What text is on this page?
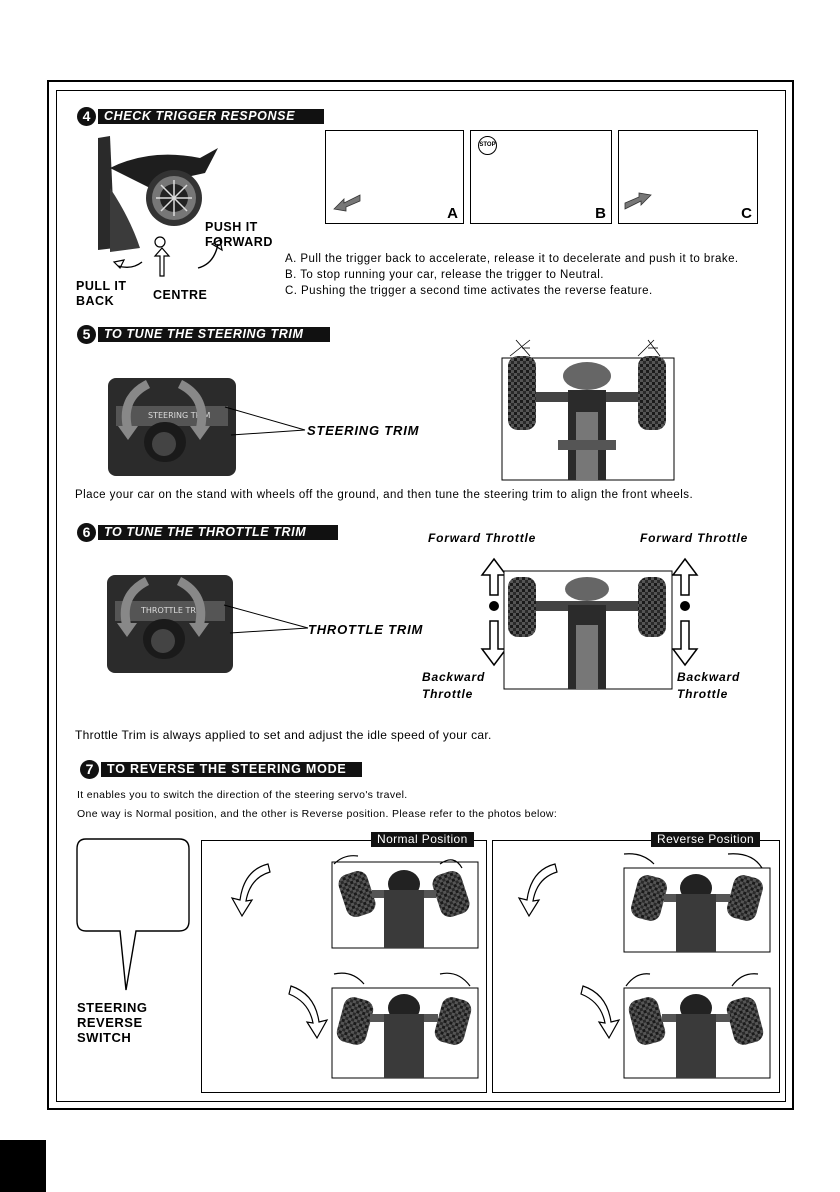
4	CHECK TRIGGER RESPONSE
PUSH IT
FORWARD
PULL IT
BACK	CENTRE
A
STOP
B	C
A. Pull the trigger back to accelerate, release it to decelerate and push it to brake.
B. To stop running your car, release the trigger to Neutral.
C. Pushing the trigger a second time activates the reverse feature.
5	TO TUNE THE STEERING TRIM
STEERING TRIM
STEERING TRIM
Place your car on the stand with wheels off the ground, and then tune the steering trim to align the front wheels.
6	TO TUNE THE THROTTLE TRIM
THROTTLE TRIM
THROTTLE TRIM
Forward Throttle	Forward Throttle
Backward
Throttle
Backward
Throttle
Throttle Trim is always applied to set and adjust the idle speed of your car.
7	TO REVERSE THE STEERING MODE
It enables you to switch the direction of the steering servo's travel.
One way is Normal position, and the other is Reverse position. Please refer to the photos below:
STEERING
REVERSE
SWITCH
Normal Position	Reverse Position
